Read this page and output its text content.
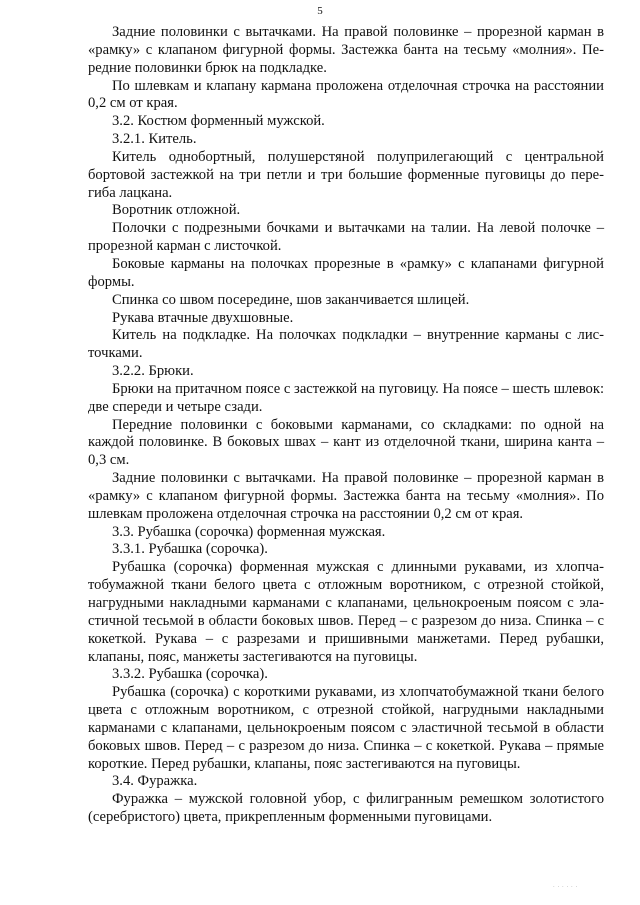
5

Задние половинки с вытачками. На правой половинке – прорезной карман в «рамку» с клапаном фигурной формы. Застежка банта на тесьму «молния». Передние половинки брюк на подкладке.

По шлевкам и клапану кармана проложена отделочная строчка на расстоянии 0,2 см от края.

3.2. Костюм форменный мужской.

3.2.1. Китель.

Китель однобортный, полушерстяной полуприлегающий с центральной бортовой застежкой на три петли и три большие форменные пуговицы до перегиба лацкана.

Воротник отложной.

Полочки с подрезными бочками и вытачками на талии. На левой полочке – прорезной карман с листочкой.

Боковые карманы на полочках прорезные в «рамку» с клапанами фигурной формы.

Спинка со швом посередине, шов заканчивается шлицей.

Рукава втачные двухшовные.

Китель на подкладке. На полочках подкладки – внутренние карманы с листочками.

3.2.2. Брюки.

Брюки на притачном поясе с застежкой на пуговицу. На поясе – шесть шлевок: две спереди и четыре сзади.

Передние половинки с боковыми карманами, со складками: по одной на каждой половинке. В боковых швах – кант из отделочной ткани, ширина канта – 0,3 см.

Задние половинки с вытачками. На правой половинке – прорезной карман в «рамку» с клапаном фигурной формы. Застежка банта на тесьму «молния». По шлевкам проложена отделочная строчка на расстоянии 0,2 см от края.

3.3. Рубашка (сорочка) форменная мужская.

3.3.1. Рубашка (сорочка).

Рубашка (сорочка) форменная мужская с длинными рукавами, из хлопчатобумажной ткани белого цвета с отложным воротником, с отрезной стойкой, нагрудными накладными карманами с клапанами, цельнокроеным поясом с эластичной тесьмой в области боковых швов. Перед – с разрезом до низа. Спинка – с кокеткой. Рукава – с разрезами и пришивными манжетами. Перед рубашки, клапаны, пояс, манжеты застегиваются на пуговицы.

3.3.2. Рубашка (сорочка).

Рубашка (сорочка) с короткими рукавами, из хлопчатобумажной ткани белого цвета с отложным воротником, с отрезной стойкой, нагрудными накладными карманами с клапанами, цельнокроеным поясом с эластичной тесьмой в области боковых швов. Перед – с разрезом до низа. Спинка – с кокеткой. Рукава – прямые короткие. Перед рубашки, клапаны, пояс застегиваются на пуговицы.

3.4. Фуражка.

Фуражка – мужской головной убор, с филигранным ремешком золотистого (серебристого) цвета, прикрепленным форменными пуговицами.

. . . . . .
